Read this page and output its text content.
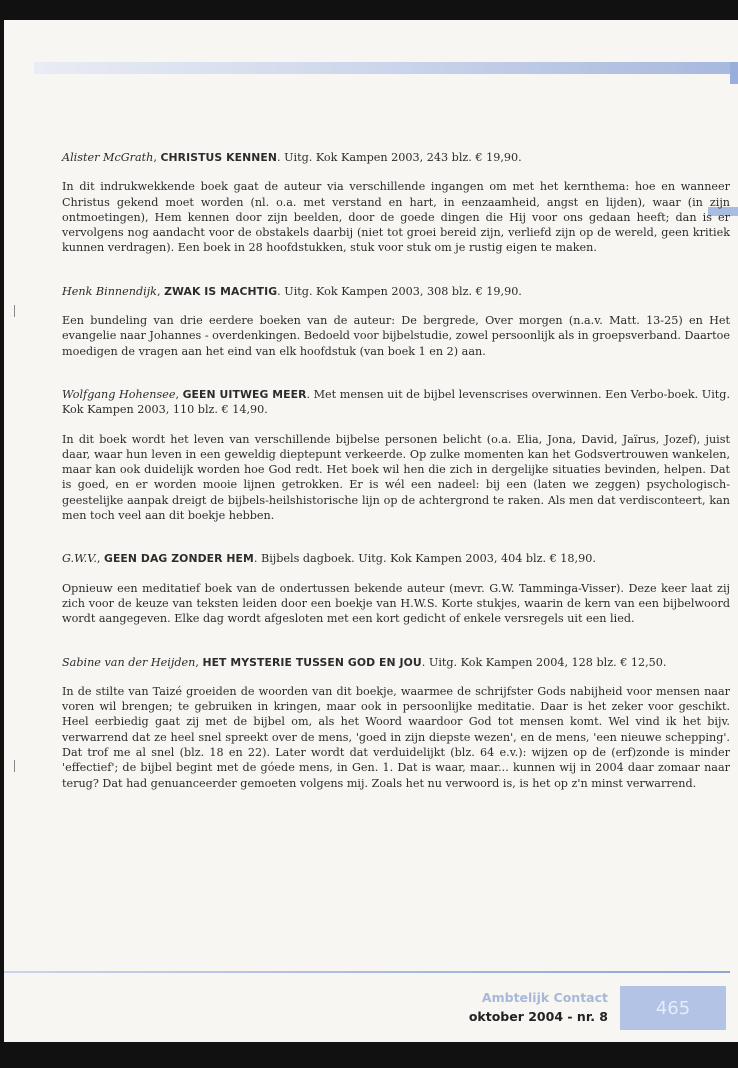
Alister McGrath, CHRISTUS KENNEN. Uitg. Kok Kampen 2003, 243 blz. € 19,90.

In dit indrukwekkende boek gaat de auteur via verschillende ingangen om met het kernthema: hoe en wanneer Christus gekend moet worden (nl. o.a. met verstand en hart, in eenzaamheid, angst en lijden), waar (in zijn ontmoetingen), Hem kennen door zijn beelden, door de goede dingen die Hij voor ons gedaan heeft; dan is er vervolgens nog aandacht voor de obstakels daarbij (niet tot groei bereid zijn, verliefd zijn op de wereld, geen kritiek kunnen verdragen). Een boek in 28 hoofdstukken, stuk voor stuk om je rustig eigen te maken.

Henk Binnendijk, ZWAK IS MACHTIG. Uitg. Kok Kampen 2003, 308 blz. € 19,90.

Een bundeling van drie eerdere boeken van de auteur: De bergrede, Over morgen (n.a.v. Matt. 13-25) en Het evangelie naar Johannes - overdenkingen. Bedoeld voor bijbelstudie, zowel persoonlijk als in groepsverband. Daartoe moedigen de vragen aan het eind van elk hoofdstuk (van boek 1 en 2) aan.

Wolfgang Hohensee, GEEN UITWEG MEER. Met mensen uit de bijbel levenscrises overwinnen. Een Verbo-boek. Uitg. Kok Kampen 2003, 110 blz. € 14,90.

In dit boek wordt het leven van verschillende bijbelse personen belicht (o.a. Elia, Jona, David, Jaïrus, Jozef), juist daar, waar hun leven in een geweldig dieptepunt verkeerde. Op zulke momenten kan het Godsvertrouwen wankelen, maar kan ook duidelijk worden hoe God redt. Het boek wil hen die zich in dergelijke situaties bevinden, helpen. Dat is goed, en er worden mooie lijnen getrokken. Er is wél een nadeel: bij een (laten we zeggen) psychologisch-geestelijke aanpak dreigt de bijbels-heilshistorische lijn op de achtergrond te raken. Als men dat verdisconteert, kan men toch veel aan dit boekje hebben.

G.W.V., GEEN DAG ZONDER HEM. Bijbels dagboek. Uitg. Kok Kampen 2003, 404 blz. € 18,90.

Opnieuw een meditatief boek van de ondertussen bekende auteur (mevr. G.W. Tamminga-Visser). Deze keer laat zij zich voor de keuze van teksten leiden door een boekje van H.W.S. Korte stukjes, waarin de kern van een bijbelwoord wordt aangegeven. Elke dag wordt afgesloten met een kort gedicht of enkele versregels uit een lied.

Sabine van der Heijden, HET MYSTERIE TUSSEN GOD EN JOU. Uitg. Kok Kampen 2004, 128 blz. € 12,50.

In de stilte van Taizé groeiden de woorden van dit boekje, waarmee de schrijfster Gods nabijheid voor mensen naar voren wil brengen; te gebruiken in kringen, maar ook in persoonlijke meditatie. Daar is het zeker voor geschikt. Heel eerbiedig gaat zij met de bijbel om, als het Woord waardoor God tot mensen komt. Wel vind ik het bijv. verwarrend dat ze heel snel spreekt over de mens, 'goed in zijn diepste wezen', en de mens, 'een nieuwe schepping'. Dat trof me al snel (blz. 18 en 22). Later wordt dat verduidelijkt (blz. 64 e.v.): wijzen op de (erf)zonde is minder 'effectief'; de bijbel begint met de góede mens, in Gen. 1. Dat is waar, maar... kunnen wij in 2004 daar zomaar naar terug? Dat had genuanceerder gemoeten volgens mij. Zoals het nu verwoord is, is het op z'n minst verwarrend.

Ambtelijk Contact
oktober 2004 - nr. 8	465
